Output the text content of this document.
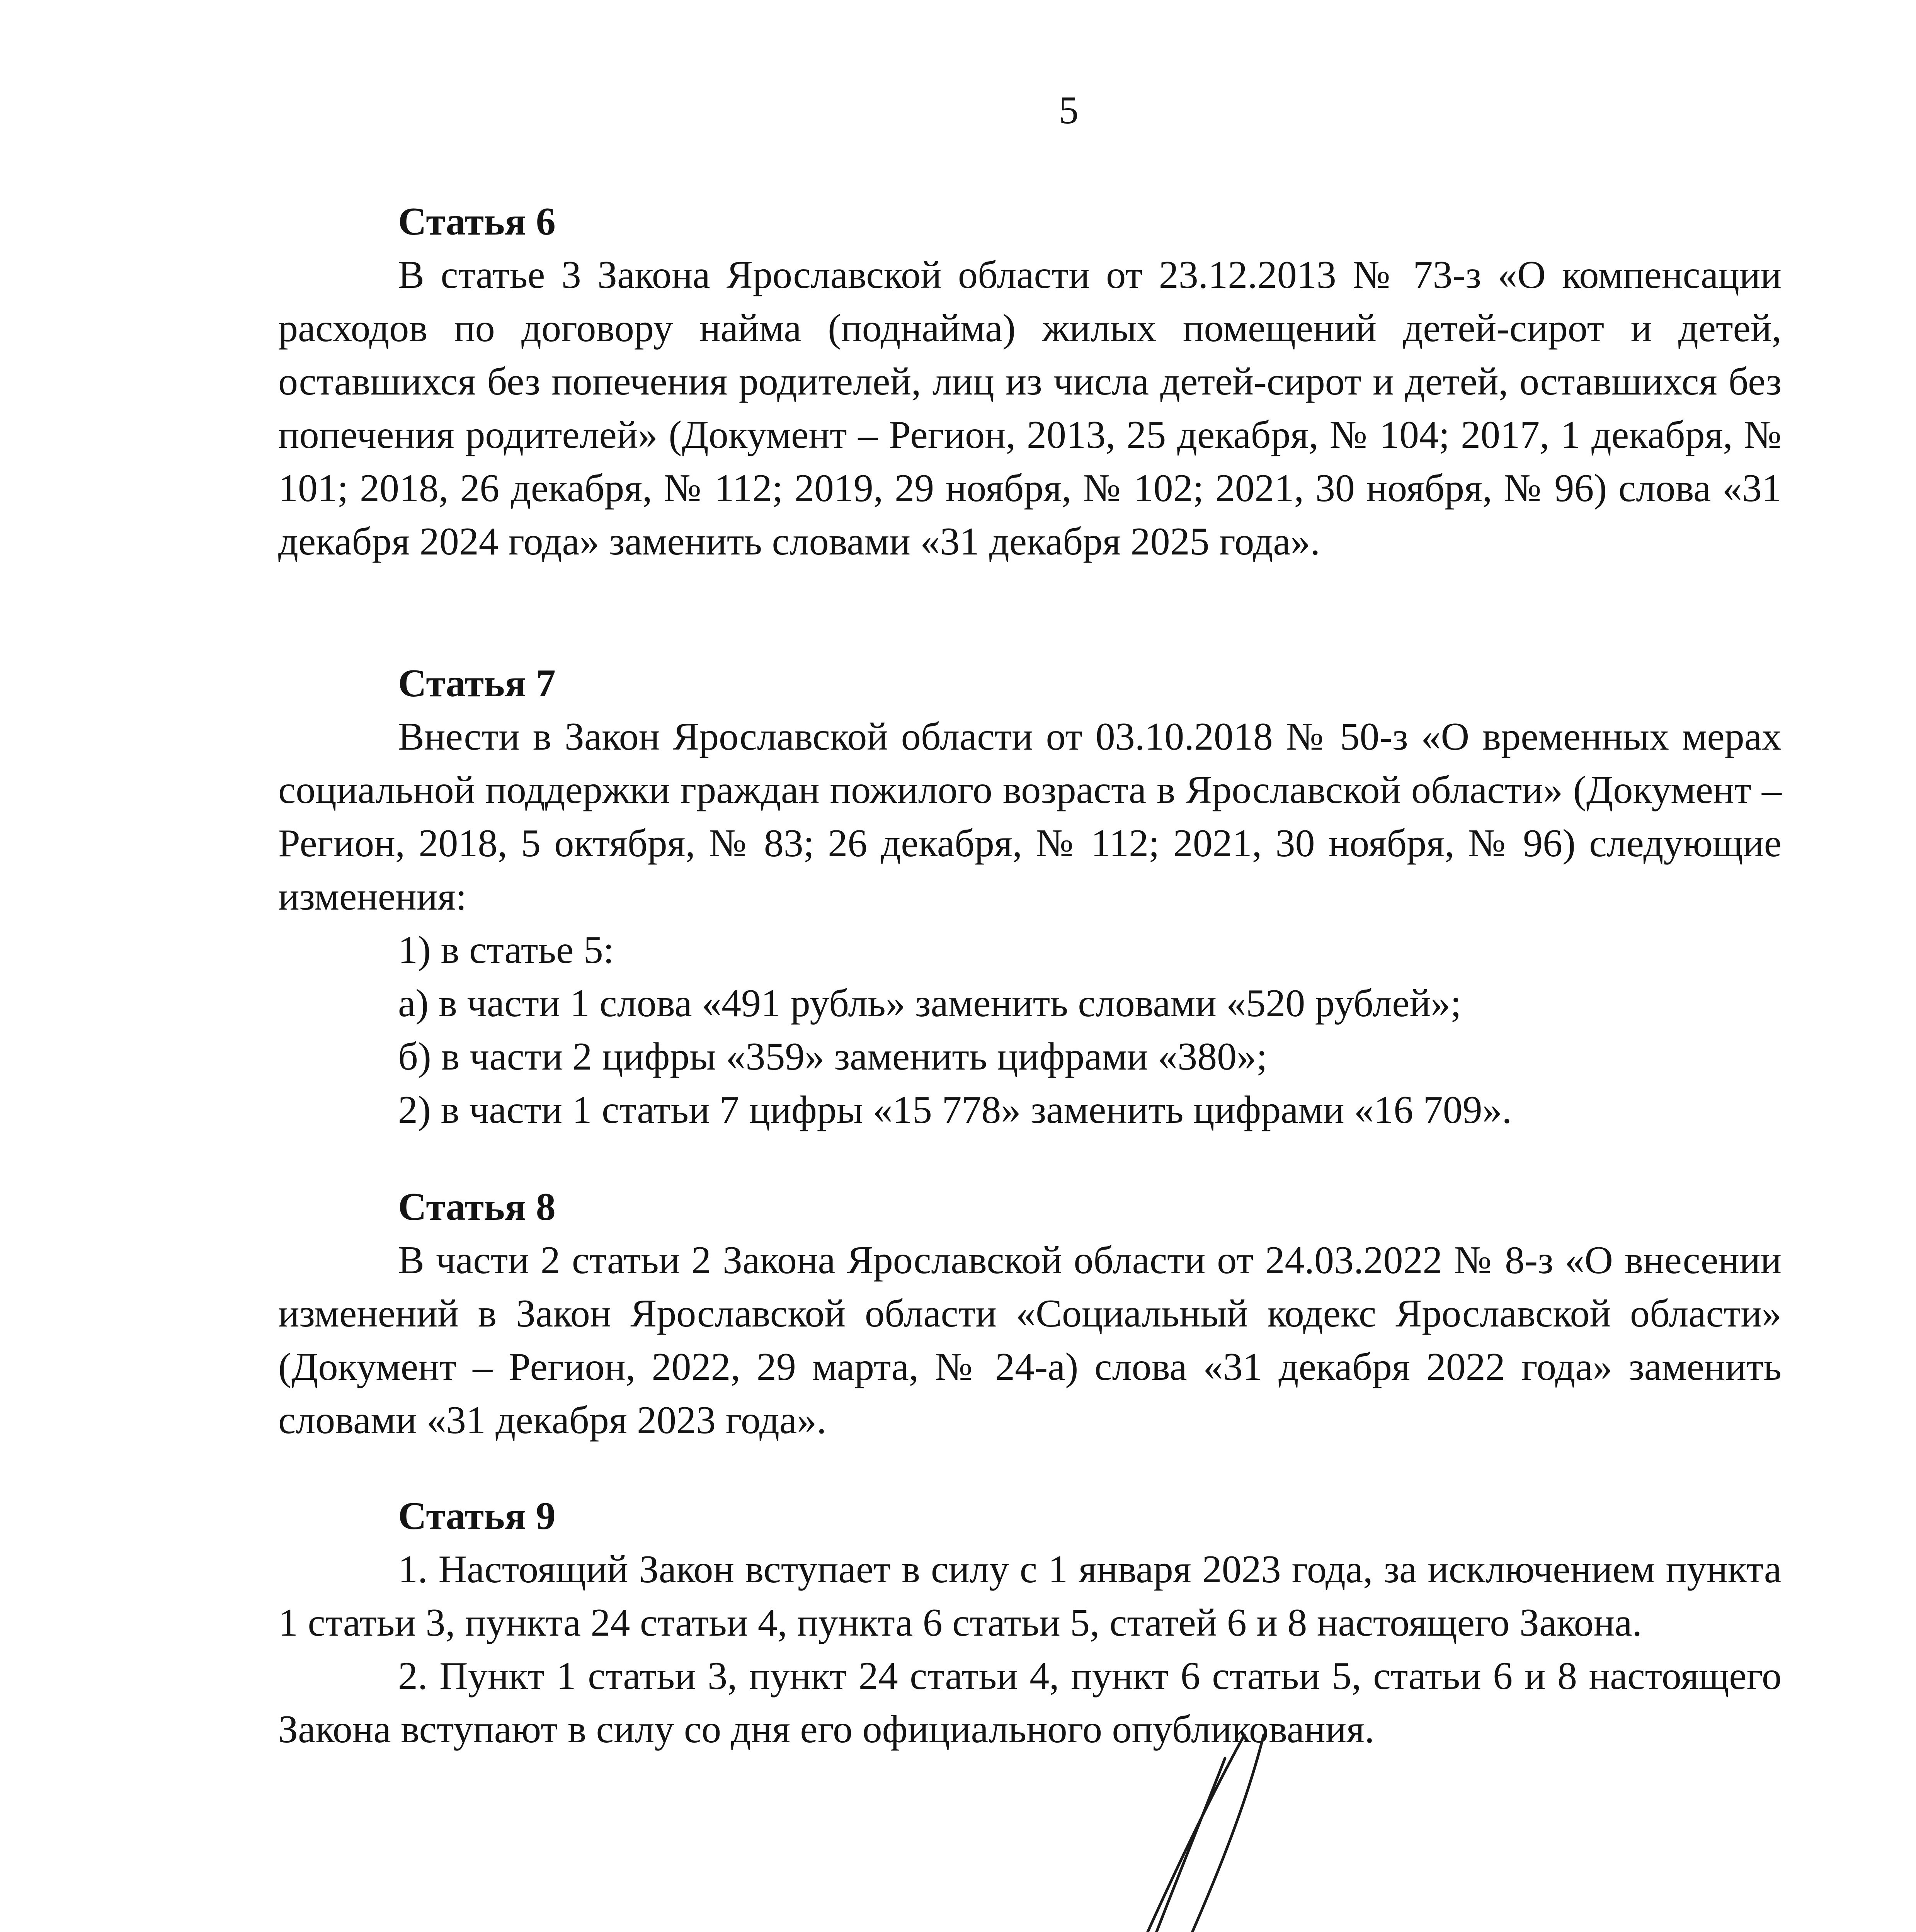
5
Статья 6

В статье 3 Закона Ярославской области от 23.12.2013 № 73-з «О компенсации расходов по договору найма (поднайма) жилых помещений детей-сирот и детей, оставшихся без попечения родителей, лиц из числа детей-сирот и детей, оставшихся без попечения родителей» (Документ – Регион, 2013, 25 декабря, № 104; 2017, 1 декабря, № 101; 2018, 26 декабря, № 112; 2019, 29 ноября, № 102; 2021, 30 ноября, № 96) слова «31 декабря 2024 года» заменить словами «31 декабря 2025 года».

Статья 7

Внести в Закон Ярославской области от 03.10.2018 № 50-з «О временных мерах социальной поддержки граждан пожилого возраста в Ярославской области» (Документ – Регион, 2018, 5 октября, № 83; 26 декабря, № 112; 2021, 30 ноября, № 96) следующие изменения:

1) в статье 5:

а) в части 1 слова «491 рубль» заменить словами «520 рублей»;

б) в части 2 цифры «359» заменить цифрами «380»;

2) в части 1 статьи 7 цифры «15 778» заменить цифрами «16 709».

Статья 8

В части 2 статьи 2 Закона Ярославской области от 24.03.2022 № 8-з «О внесении изменений в Закон Ярославской области «Социальный кодекс Ярославской области» (Документ – Регион, 2022, 29 марта, № 24-а) слова «31 декабря 2022 года» заменить словами «31 декабря 2023 года».

Статья 9

1. Настоящий Закон вступает в силу с 1 января 2023 года, за исключением пункта 1 статьи 3, пункта 24 статьи 4, пункта 6 статьи 5, статей 6 и 8 настоящего Закона.

2. Пункт 1 статьи 3, пункт 24 статьи 4, пункт 6 статьи 5, статьи 6 и 8 настоящего Закона вступают в силу со дня его официального опубликования.
